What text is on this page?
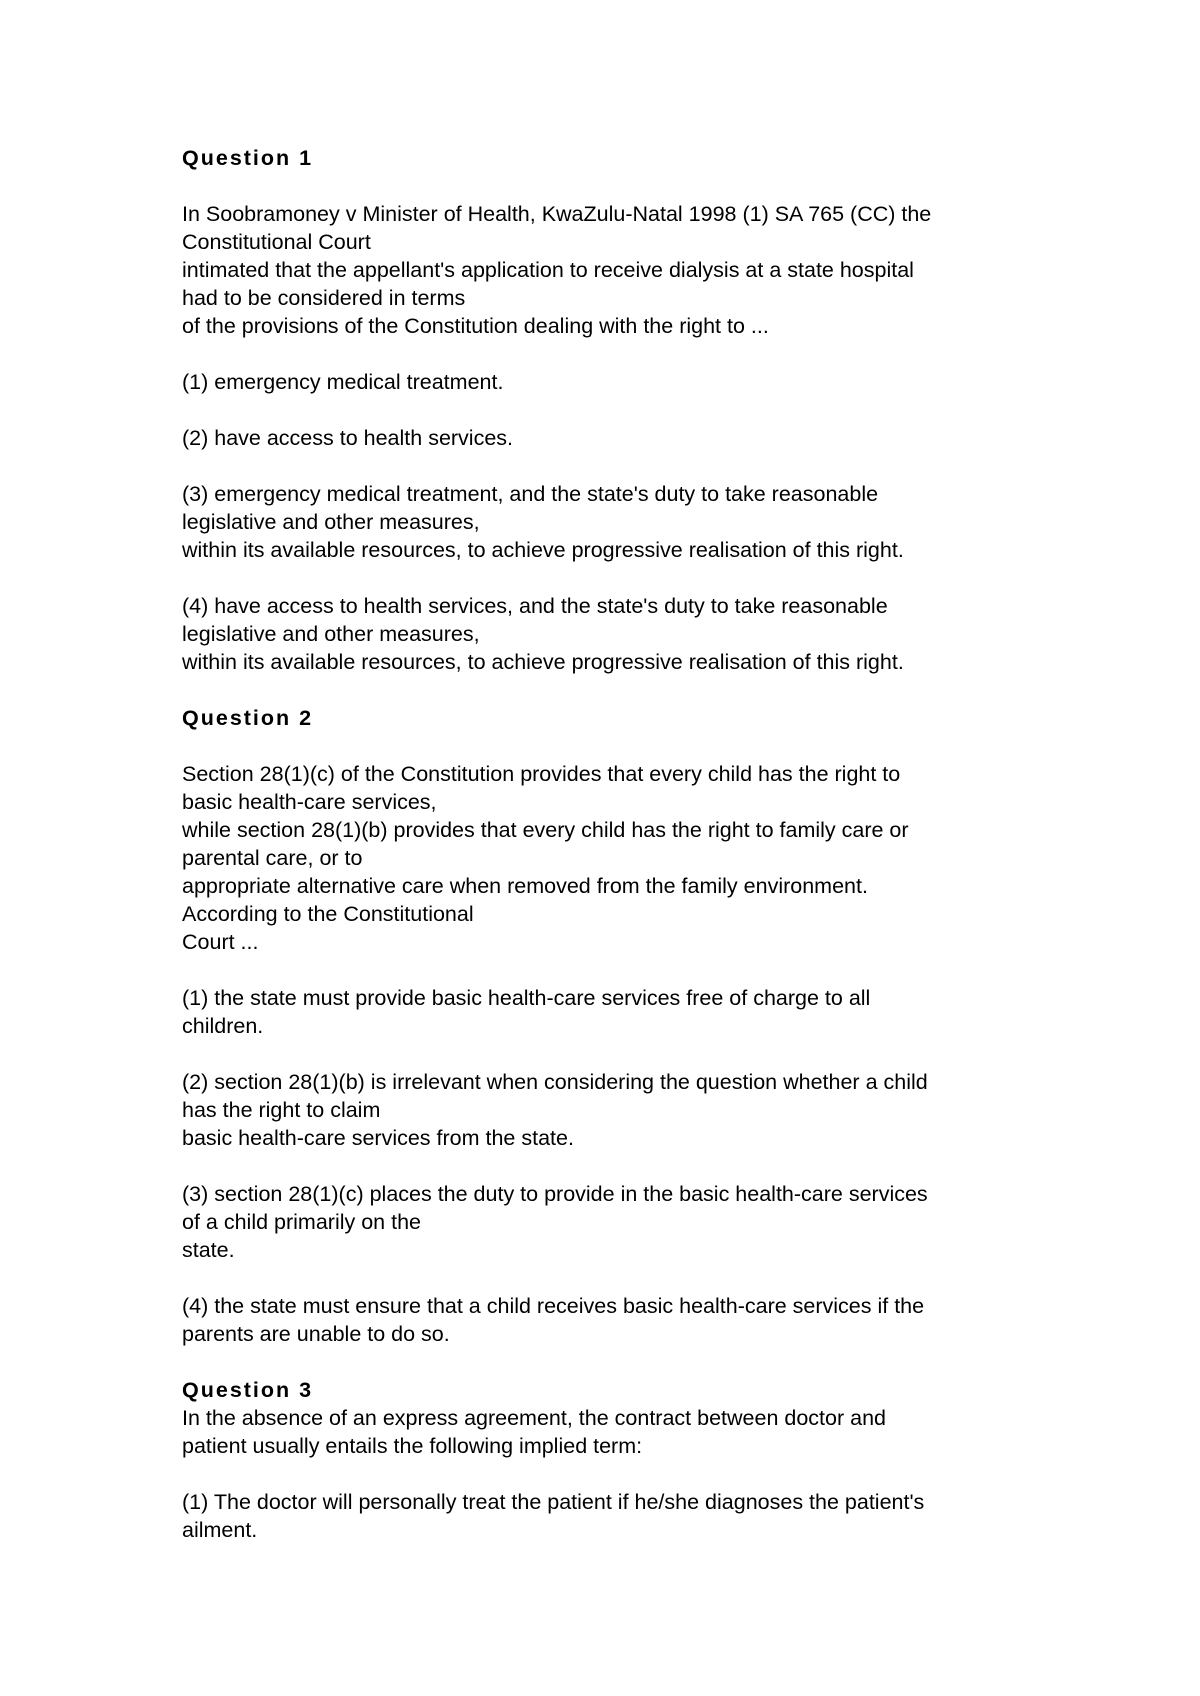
Question 1

In Soobramoney v Minister of Health, KwaZulu-Natal 1998 (1) SA 765 (CC) the

Constitutional Court

intimated that the appellant's application to receive dialysis at a state hospital

had to be considered in terms

of the provisions of the Constitution dealing with the right to ...

(1) emergency medical treatment.

(2) have access to health services.

(3) emergency medical treatment, and the state's duty to take reasonable

legislative and other measures,

within its available resources, to achieve progressive realisation of this right.

(4) have access to health services, and the state's duty to take reasonable

legislative and other measures,

within its available resources, to achieve progressive realisation of this right.

Question 2

Section 28(1)(c) of the Constitution provides that every child has the right to

basic health-care services,

while section 28(1)(b) provides that every child has the right to family care or

parental care, or to

appropriate alternative care when removed from the family environment.

According to the Constitutional

Court ...

(1) the state must provide basic health-care services free of charge to all

children.

(2) section 28(1)(b) is irrelevant when considering the question whether a child

has the right to claim

basic health-care services from the state.

(3) section 28(1)(c) places the duty to provide in the basic health-care services

of a child primarily on the

state.

(4) the state must ensure that a child receives basic health-care services if the

parents are unable to do so.

Question 3

In the absence of an express agreement, the contract between doctor and

patient usually entails the following implied term:

(1) The doctor will personally treat the patient if he/she diagnoses the patient's

ailment.
